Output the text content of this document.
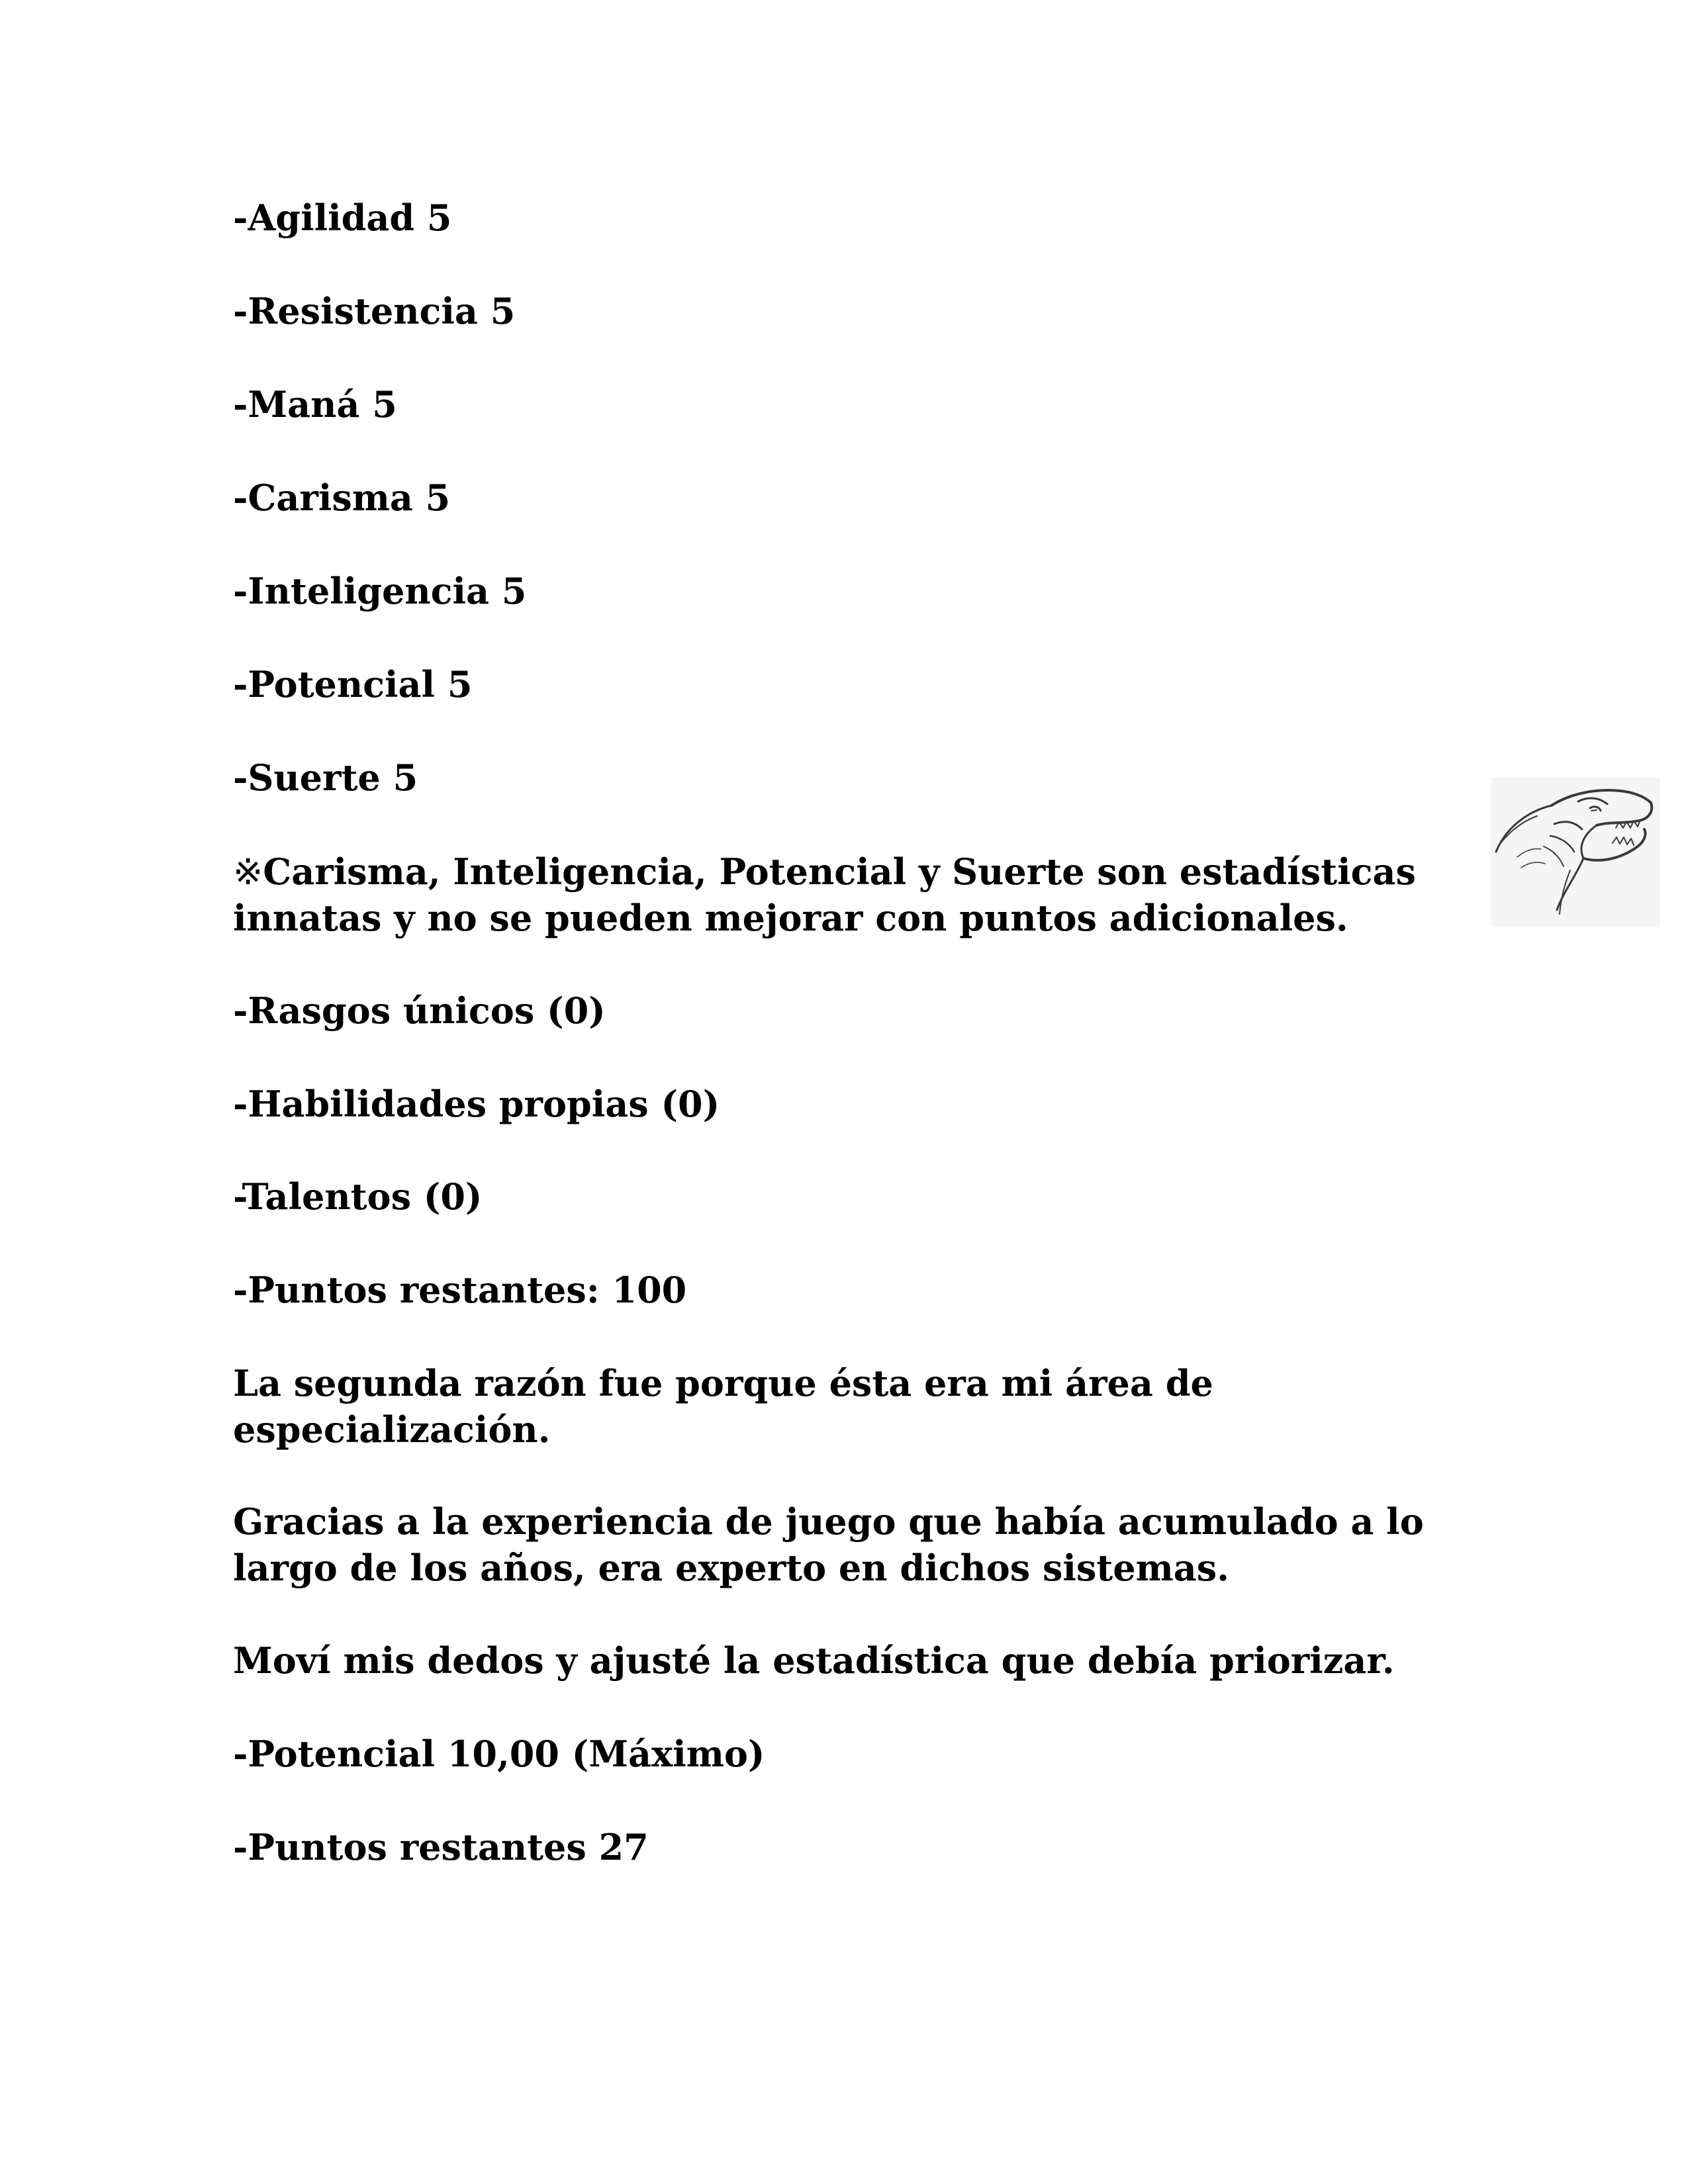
-Agilidad 5

-Resistencia 5

-Maná 5

-Carisma 5

-Inteligencia 5

-Potencial 5

-Suerte 5

※Carisma, Inteligencia, Potencial y Suerte son estadísticas

innatas y no se pueden mejorar con puntos adicionales.

-Rasgos únicos (0)

-Habilidades propias (0)

-Talentos (0)

-Puntos restantes: 100

La segunda razón fue porque ésta era mi área de

especialización.

Gracias a la experiencia de juego que había acumulado a lo

largo de los años, era experto en dichos sistemas.

Moví mis dedos y ajusté la estadística que debía priorizar.

-Potencial 10,00 (Máximo)

-Puntos restantes 27
